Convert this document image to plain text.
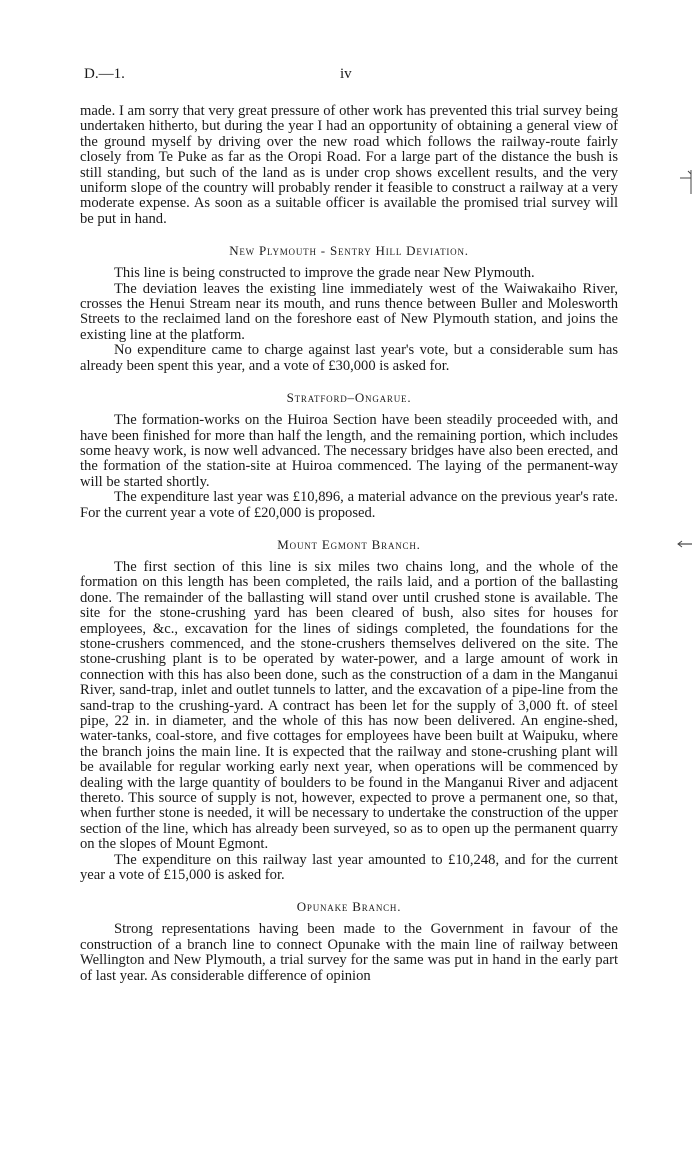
D.—1.	iv

made. I am sorry that very great pressure of other work has prevented this trial survey being undertaken hitherto, but during the year I had an opportunity of obtaining a general view of the ground myself by driving over the new road which follows the railway-route fairly closely from Te Puke as far as the Oropi Road. For a large part of the distance the bush is still standing, but such of the land as is under crop shows excellent results, and the very uniform slope of the country will probably render it feasible to construct a railway at a very moderate expense. As soon as a suitable officer is available the promised trial survey will be put in hand.

New Plymouth - Sentry Hill Deviation.

This line is being constructed to improve the grade near New Plymouth.

The deviation leaves the existing line immediately west of the Waiwakaiho River, crosses the Henui Stream near its mouth, and runs thence between Buller and Molesworth Streets to the reclaimed land on the foreshore east of New Plymouth station, and joins the existing line at the platform.

No expenditure came to charge against last year's vote, but a considerable sum has already been spent this year, and a vote of £30,000 is asked for.

Stratford–Ongarue.

The formation-works on the Huiroa Section have been steadily proceeded with, and have been finished for more than half the length, and the remaining portion, which includes some heavy work, is now well advanced. The necessary bridges have also been erected, and the formation of the station-site at Huiroa commenced. The laying of the permanent-way will be started shortly.

The expenditure last year was £10,896, a material advance on the previous year's rate. For the current year a vote of £20,000 is proposed.

Mount Egmont Branch.

The first section of this line is six miles two chains long, and the whole of the formation on this length has been completed, the rails laid, and a portion of the ballasting done. The remainder of the ballasting will stand over until crushed stone is available. The site for the stone-crushing yard has been cleared of bush, also sites for houses for employees, &c., excavation for the lines of sidings completed, the foundations for the stone-crushers commenced, and the stone-crushers themselves delivered on the site. The stone-crushing plant is to be operated by water-power, and a large amount of work in connection with this has also been done, such as the construction of a dam in the Manganui River, sand-trap, inlet and outlet tunnels to latter, and the excavation of a pipe-line from the sand-trap to the crushing-yard. A contract has been let for the supply of 3,000 ft. of steel pipe, 22 in. in diameter, and the whole of this has now been delivered. An engine-shed, water-tanks, coal-store, and five cottages for employees have been built at Waipuku, where the branch joins the main line. It is expected that the railway and stone-crushing plant will be available for regular working early next year, when operations will be commenced by dealing with the large quantity of boulders to be found in the Manganui River and adjacent thereto. This source of supply is not, however, expected to prove a permanent one, so that, when further stone is needed, it will be necessary to undertake the construction of the upper section of the line, which has already been surveyed, so as to open up the permanent quarry on the slopes of Mount Egmont.

The expenditure on this railway last year amounted to £10,248, and for the current year a vote of £15,000 is asked for.

Opunake Branch.

Strong representations having been made to the Government in favour of the construction of a branch line to connect Opunake with the main line of railway between Wellington and New Plymouth, a trial survey for the same was put in hand in the early part of last year. As considerable difference of opinion
